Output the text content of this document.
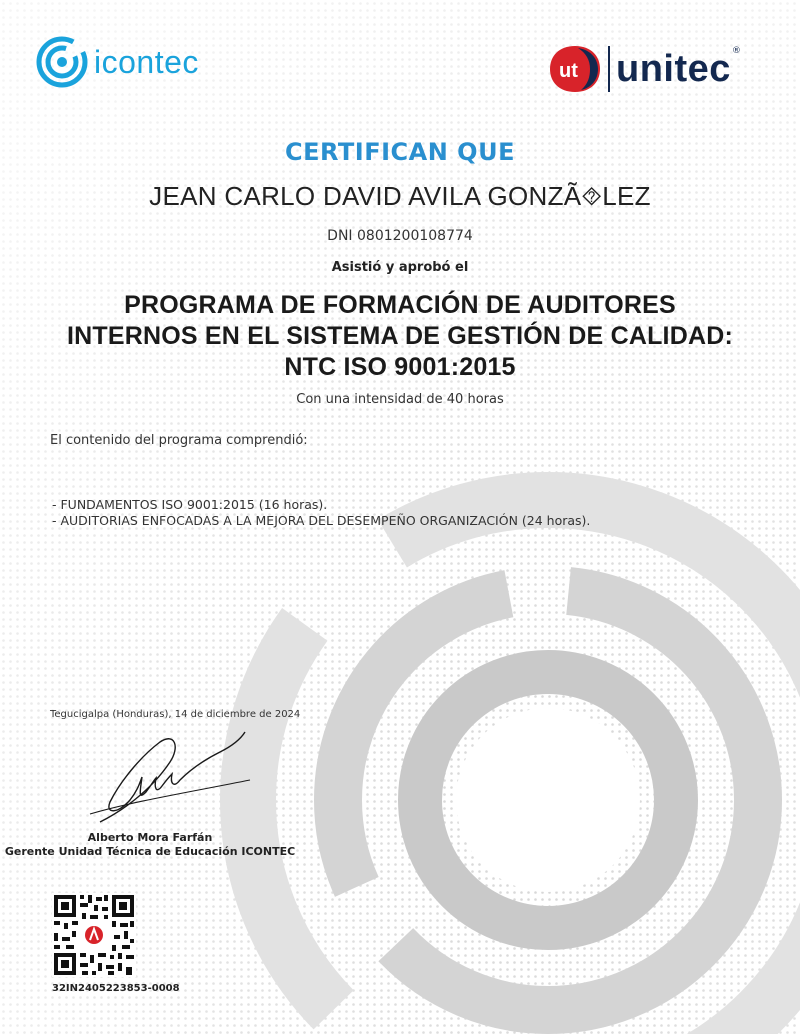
icontec	ut unitec ®
CERTIFICAN QUE
JEAN CARLO DAVID AVILA GONZÃ⯑LEZ
DNI 0801200108774
Asistió y aprobó el
PROGRAMA DE FORMACIÓN DE AUDITORES
INTERNOS EN EL SISTEMA DE GESTIÓN DE CALIDAD:
NTC ISO 9001:2015
Con una intensidad de 40 horas
El contenido del programa comprendió:
- FUNDAMENTOS ISO 9001:2015 (16 horas).
- AUDITORIAS ENFOCADAS A LA MEJORA DEL DESEMPEÑO ORGANIZACIÓN (24 horas).
Tegucigalpa (Honduras), 14 de diciembre de 2024
Alberto Mora Farfán
Gerente Unidad Técnica de Educación ICONTEC
32IN2405223853-0008
